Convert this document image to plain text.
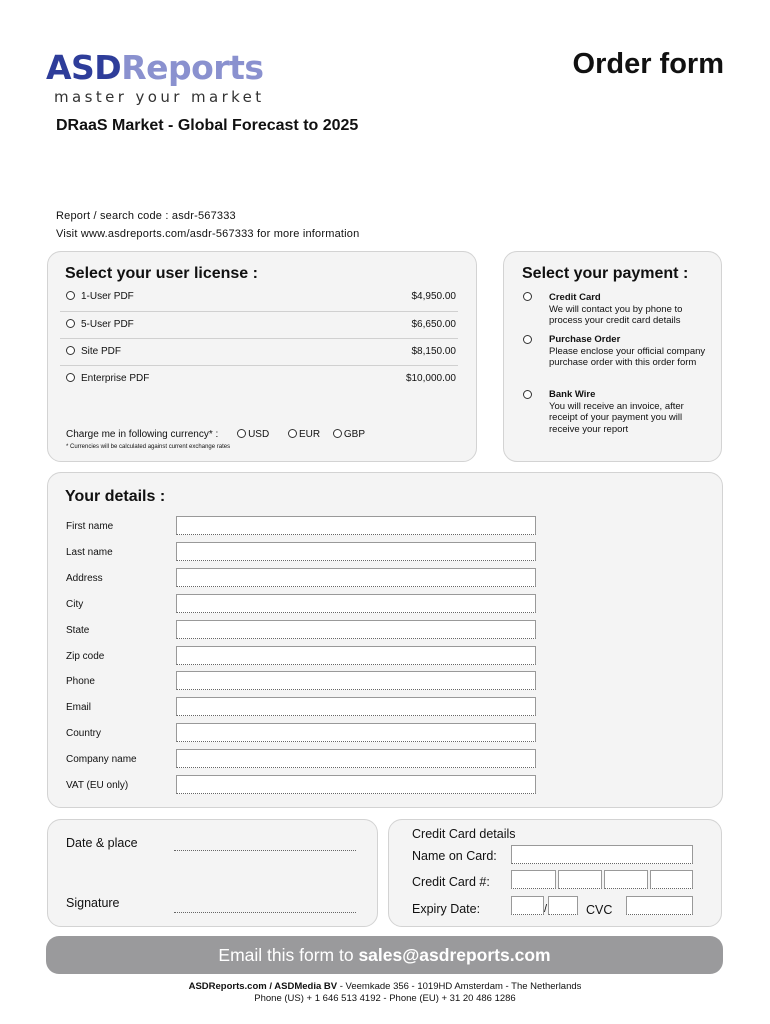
ASDReports
master your market
Order form
DRaaS Market - Global Forecast to 2025
Report / search code : asdr-567333
Visit www.asdreports.com/asdr-567333 for more information
Select your user license :
1-User PDF	$4,950.00
5-User PDF	$6,650.00
Site PDF	$8,150.00
Enterprise PDF	$10,000.00
Charge me in following currency* :	USD	EUR GBP
* Currencies will be calculated against current exchange rates
Select your payment :
Credit Card
We will contact you by phone to process your credit card details
Purchase Order
Please enclose your official company purchase order with this order form
Bank Wire
You will receive an invoice, after receipt of your payment you will receive your report
Your details :
First name
Last name
Address
City
State
Zip code
Phone
Email
Country
Company name
VAT (EU only)
Date & place
Signature
Credit Card details
Name on Card:
Credit Card #:
Expiry Date:	/	CVC
Email this form to sales@asdreports.com
ASDReports.com / ASDMedia BV - Veemkade 356 - 1019HD Amsterdam - The Netherlands
Phone (US) + 1 646 513 4192 - Phone (EU) + 31 20 486 1286
